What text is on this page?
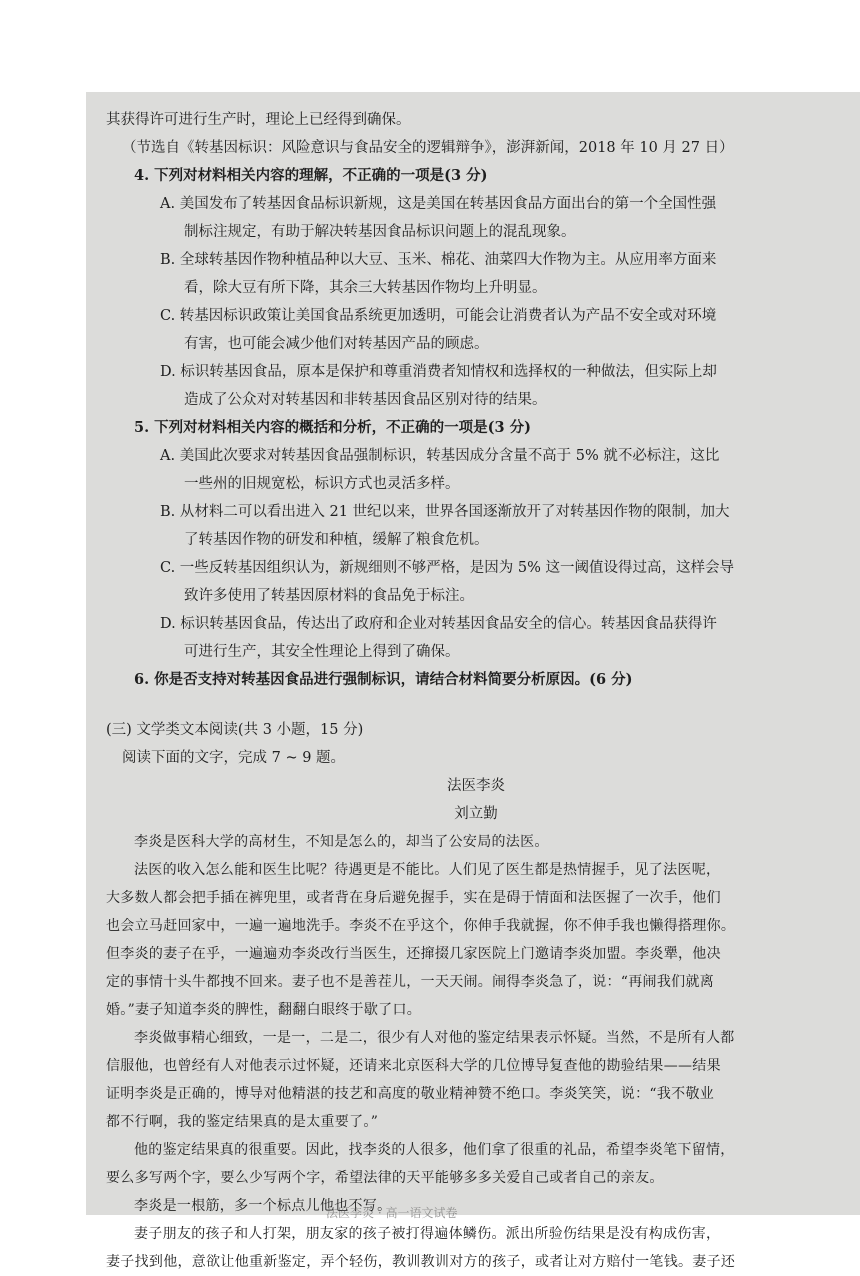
其获得许可进行生产时，理论上已经得到确保。
（节选自《转基因标识：风险意识与食品安全的逻辑辩争》，澎湃新闻，2018 年 10 月 27 日）
4. 下列对材料相关内容的理解，不正确的一项是(3 分)
A. 美国发布了转基因食品标识新规，这是美国在转基因食品方面出台的第一个全国性强
制标注规定，有助于解决转基因食品标识问题上的混乱现象。
B. 全球转基因作物种植品种以大豆、玉米、棉花、油菜四大作物为主。从应用率方面来
看，除大豆有所下降，其余三大转基因作物均上升明显。
C. 转基因标识政策让美国食品系统更加透明，可能会让消费者认为产品不安全或对环境
有害，也可能会减少他们对转基因产品的顾虑。
D. 标识转基因食品，原本是保护和尊重消费者知情权和选择权的一种做法，但实际上却
造成了公众对对转基因和非转基因食品区别对待的结果。
5. 下列对材料相关内容的概括和分析，不正确的一项是(3 分)
A. 美国此次要求对转基因食品强制标识，转基因成分含量不高于 5% 就不必标注，这比
一些州的旧规宽松，标识方式也灵活多样。
B. 从材料二可以看出进入 21 世纪以来，世界各国逐渐放开了对转基因作物的限制，加大
了转基因作物的研发和种植，缓解了粮食危机。
C. 一些反转基因组织认为，新规细则不够严格，是因为 5% 这一阈值设得过高，这样会导
致许多使用了转基因原材料的食品免于标注。
D. 标识转基因食品，传达出了政府和企业对转基因食品安全的信心。转基因食品获得许
可进行生产，其安全性理论上得到了确保。
6. 你是否支持对转基因食品进行强制标识，请结合材料简要分析原因。(6 分)
(三) 文学类文本阅读(共 3 小题，15 分)
阅读下面的文字，完成 7 ~ 9 题。
法医李炎
刘立勤
李炎是医科大学的高材生，不知是怎么的，却当了公安局的法医。
法医的收入怎么能和医生比呢？待遇更是不能比。人们见了医生都是热情握手，见了法医呢，
大多数人都会把手插在裤兜里，或者背在身后避免握手，实在是碍于情面和法医握了一次手，他们
也会立马赶回家中，一遍一遍地洗手。李炎不在乎这个，你伸手我就握，你不伸手我也懒得搭理你。
但李炎的妻子在乎，一遍遍劝李炎改行当医生，还撺掇几家医院上门邀请李炎加盟。李炎犟，他决
定的事情十头牛都拽不回来。妻子也不是善茬儿，一天天闹。闹得李炎急了，说：“再闹我们就离
婚。”妻子知道李炎的脾性，翻翻白眼终于歇了口。
李炎做事精心细致，一是一，二是二，很少有人对他的鉴定结果表示怀疑。当然，不是所有人都
信服他，也曾经有人对他表示过怀疑，还请来北京医科大学的几位博导复查他的勘验结果——结果
证明李炎是正确的，博导对他精湛的技艺和高度的敬业精神赞不绝口。李炎笑笑，说：“我不敬业
都不行啊，我的鉴定结果真的是太重要了。”
他的鉴定结果真的很重要。因此，找李炎的人很多，他们拿了很重的礼品，希望李炎笔下留情，
要么多写两个字，要么少写两个字，希望法律的天平能够多多关爱自己或者自己的亲友。
李炎是一根筋，多一个标点儿他也不写。
妻子朋友的孩子和人打架，朋友家的孩子被打得遍体鳞伤。派出所验伤结果是没有构成伤害，
妻子找到他，意欲让他重新鉴定，弄个轻伤，教训教训对方的孩子，或者让对方赔付一笔钱。妻子还
法医李炎 · 高一语文试卷
